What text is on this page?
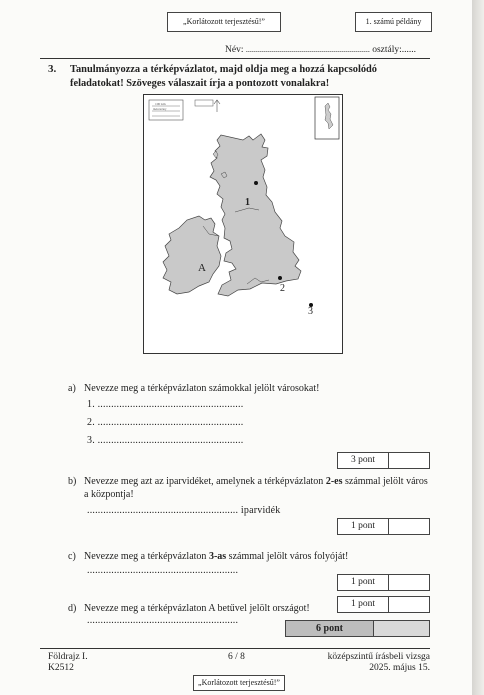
„Korlátozott terjesztésű!”	1. számú példány
Név: .............................................................. osztály:......
3. Tanulmányozza a térképvázlatot, majd oldja meg a hozzá kapcsolódó feladatokat! Szöveges válaszait írja a pontozott vonalakra!
100 km
méretarány
1
2
3
A
a) Nevezze meg a térképvázlaton számokkal jelölt városokat!
1. ......................................................
2. ......................................................
3. ......................................................
3 pont
b) Nevezze meg azt az iparvidéket, amelynek a térképvázlaton 2-es számmal jelölt város a központja!
........................................................ iparvidék
1 pont
c) Nevezze meg a térképvázlaton 3-as számmal jelölt város folyóját!
........................................................
1 pont
d) Nevezze meg a térképvázlaton A betűvel jelölt országot!	1 pont
6 pont
Földrajz I.
K2512
6 / 8	középszintű írásbeli vizsga
2025. május 15.
„Korlátozott terjesztésű!”
........................................................
